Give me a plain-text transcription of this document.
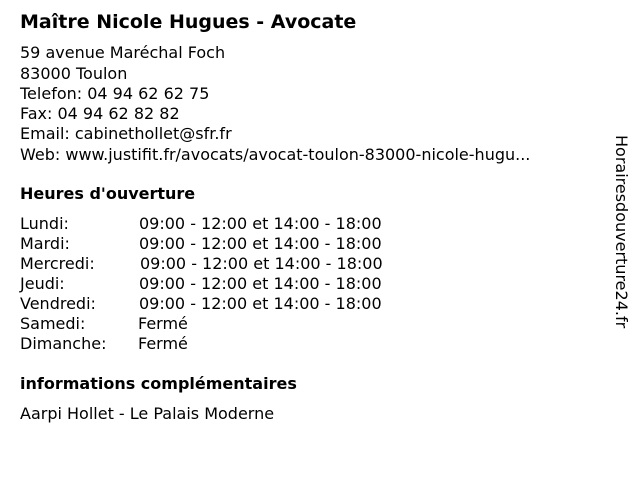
Maître Nicole Hugues - Avocate
59 avenue Maréchal Foch
83000 Toulon
Telefon: 04 94 62 62 75
Fax: 04 94 62 82 82
Email: cabinethollet@sfr.fr
Web: www.justifit.fr/avocats/avocat-toulon-83000-nicole-hugu...
Heures d'ouverture
Lundi:	09:00 - 12:00 et 14:00 - 18:00
Mardi:	09:00 - 12:00 et 14:00 - 18:00
Mercredi:	09:00 - 12:00 et 14:00 - 18:00
Jeudi:	09:00 - 12:00 et 14:00 - 18:00
Vendredi:	09:00 - 12:00 et 14:00 - 18:00
Samedi:	Fermé
Dimanche: Fermé
informations complémentaires
Aarpi Hollet - Le Palais Moderne
Horairesdouverture24.fr
